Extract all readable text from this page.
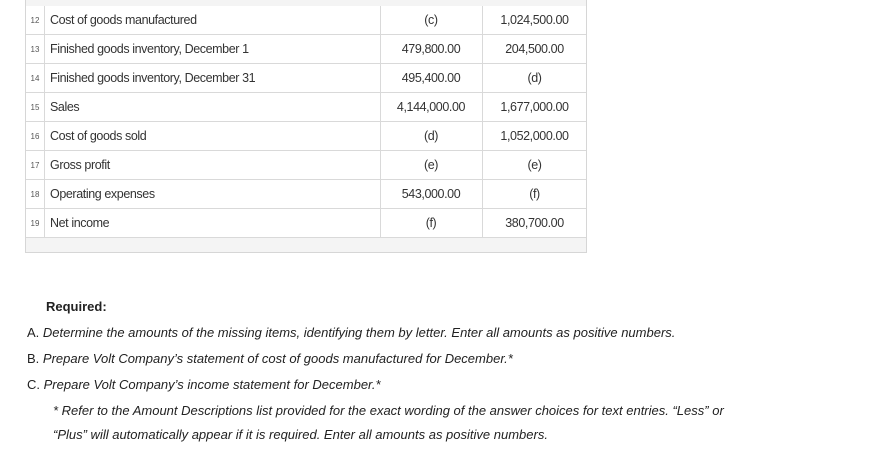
12 Cost of goods manufactured	(c)	1,024,500.00
13 Finished goods inventory, December 1	479,800.00	204,500.00
14 Finished goods inventory, December 31	495,400.00	(d)
15 Sales	4,144,000.00	1,677,000.00
16 Cost of goods sold	(d)	1,052,000.00
17 Gross profit	(e)	(e)
18 Operating expenses	543,000.00	(f)
19 Net income	(f)	380,700.00
Required:
A. Determine the amounts of the missing items, identifying them by letter. Enter all amounts as positive numbers.
B. Prepare Volt Company’s statement of cost of goods manufactured for December.*
C. Prepare Volt Company’s income statement for December.*
* Refer to the Amount Descriptions list provided for the exact wording of the answer choices for text entries. “Less” or
“Plus” will automatically appear if it is required. Enter all amounts as positive numbers.
